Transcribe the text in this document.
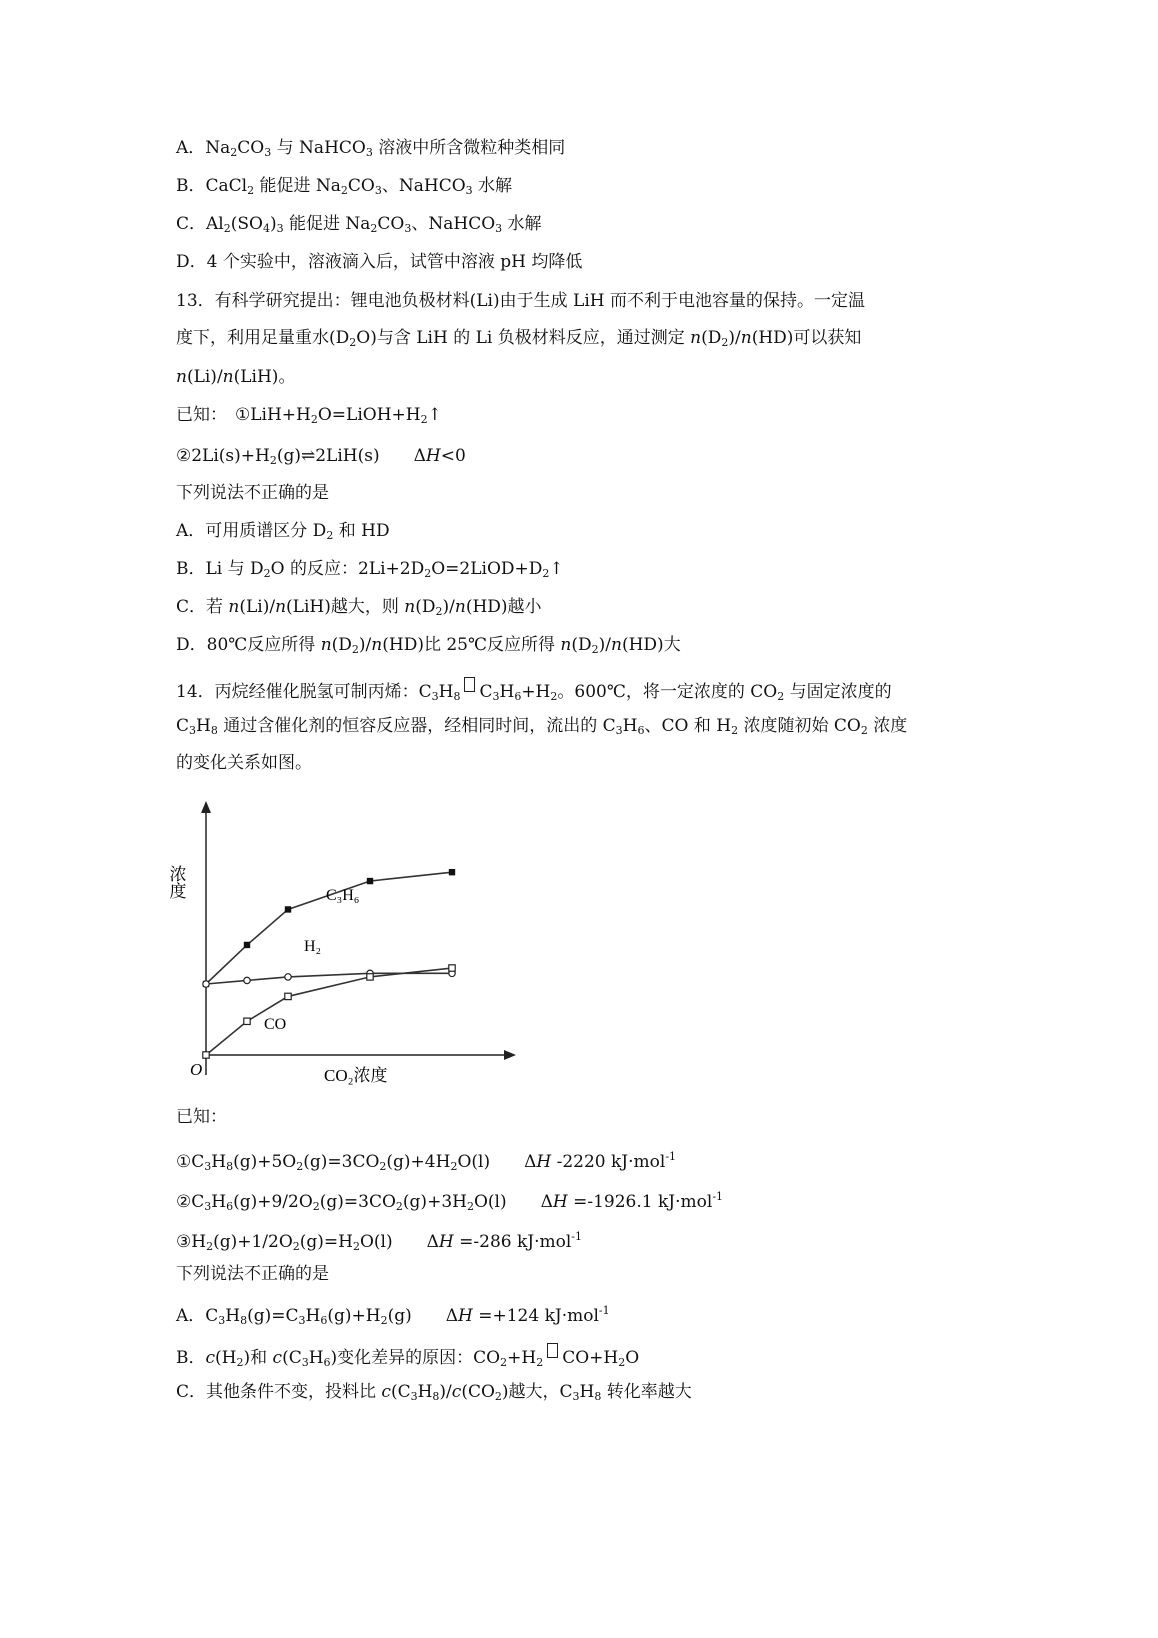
A．$Na_2CO_3$ 与 NaHCO$_3$ 溶液中所含微粒种类相同
B．CaCl$_2$ 能促进 $Na_2CO_3$、NaHCO$_3$ 水解
C．$Al_2(SO_4)_3$ 能促进 $Na_2CO_3$、NaHCO$_3$ 水解
D．4 个实验中，溶液滴入后，试管中溶液 pH 均降低
13．有科学研究提出：锂电池负极材料(Li)由于生成 LiH 而不利于电池容量的保持。一定温
度下，利用足量重水$(D_2O)$与含 LiH 的 Li 负极材料反应，通过测定 $n(D_2)/n(HD)$可以获知
n(Li)/n(LiH)。
已知： $①LiH+H_2O=LiOH+H_2↑$
$②2Li(s)+H_2(g)\rightleftharpoons 2LiH(s)$　　ΔH<0
下列说法不正确的是
A．可用质谱区分 $D_2$ 和 HD
B．Li 与 $D_2O$ 的反应：$2Li+2D_2O=2LiOD+D_2↑$
C．若 n(Li)/n(LiH)越大，则 $n(D_2)/n(HD)$越小
D．80℃反应所得 $n(D_2)/n(HD)$比 25℃反应所得 $n(D_2)/n(HD)$大
14．丙烷经催化脱氢可制丙烯：$C_3H_8$ $C_3H_6+H_2$。600℃，将一定浓度的 $CO_2$ 与固定浓度的
$C_3H_8$ 通过含催化剂的恒容反应器，经相同时间，流出的 $C_3H_6$、CO 和 $H_2$ 浓度随初始 $CO_2$ 浓度
的变化关系如图。
浓度
CO₂浓度
O
C₃H₆
H₂
CO
已知：
$①C_3H_8(g)+5O_2(g)=3CO_2(g)+4H_2O(l)$　　ΔH -2220 kJ·mol$^{-1}$
$②C_3H_6(g)+9/2O_2(g)=3CO_2(g)+3H_2O(l)$　　ΔH =-1926.1 kJ·mol$^{-1}$
$③H_2(g)+1/2O_2(g)=H_2O(l)$　　ΔH =-286 kJ·mol$^{-1}$
下列说法不正确的是
A．$C_3H_8(g)=C_3H_6(g)+H_2(g)$　　ΔH =+124 kJ·mol$^{-1}$
B．$c(H_2)$和 $c(C_3H_6)$变化差异的原因：$CO_2+H_2$ $CO+H_2O$
C．其他条件不变，投料比 $c(C_3H_8)/c(CO_2)$越大，$C_3H_8$ 转化率越大
